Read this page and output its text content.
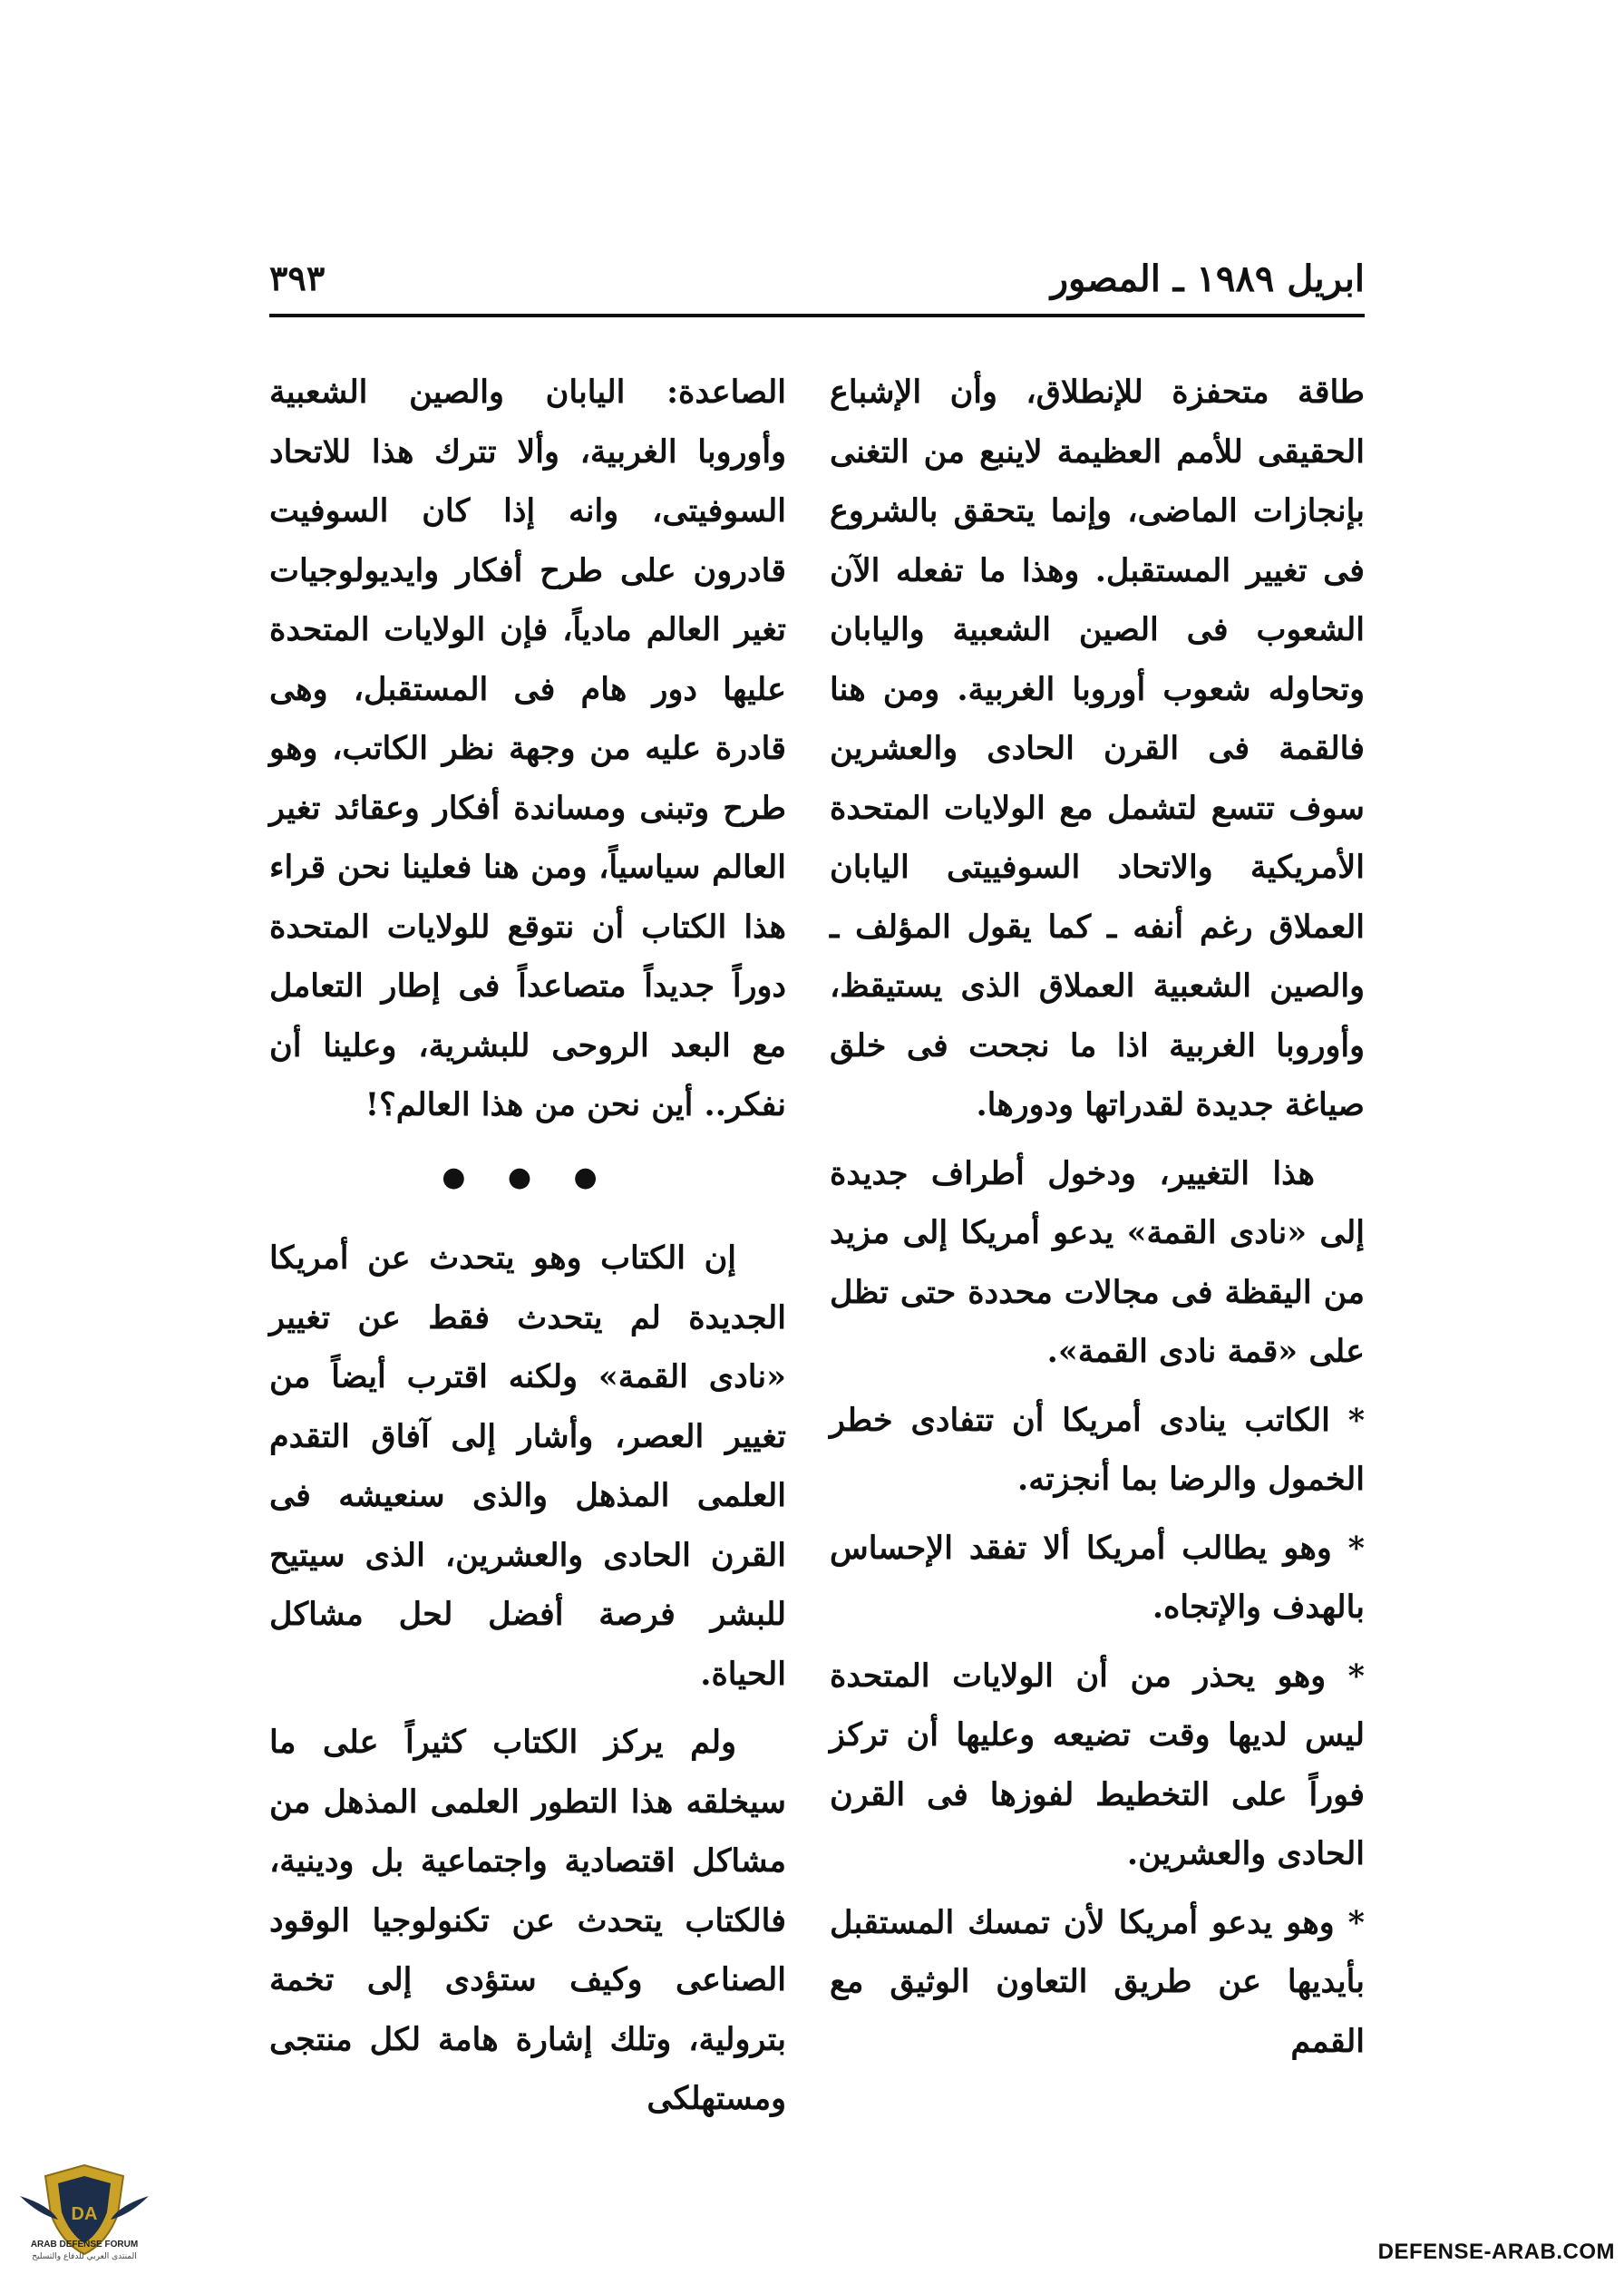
ابريل ١٩٨٩ ـ المصور
٣٩٣

طاقة متحفزة للإنطلاق، وأن الإشباع الحقيقى للأمم العظيمة لاينبع من التغنى بإنجازات الماضى، وإنما يتحقق بالشروع فى تغيير المستقبل. وهذا ما تفعله الآن الشعوب فى الصين الشعبية واليابان وتحاوله شعوب أوروبا الغربية. ومن هنا فالقمة فى القرن الحادى والعشرين سوف تتسع لتشمل مع الولايات المتحدة الأمريكية والاتحاد السوفييتى اليابان العملاق رغم أنفه ـ كما يقول المؤلف ـ والصين الشعبية العملاق الذى يستيقظ، وأوروبا الغربية اذا ما نجحت فى خلق صياغة جديدة لقدراتها ودورها.

هذا التغيير، ودخول أطراف جديدة إلى «نادى القمة» يدعو أمريكا إلى مزيد من اليقظة فى مجالات محددة حتى تظل على «قمة نادى القمة».

* الكاتب ينادى أمريكا أن تتفادى خطر الخمول والرضا بما أنجزته.

* وهو يطالب أمريكا ألا تفقد الإحساس بالهدف والإتجاه.

* وهو يحذر من أن الولايات المتحدة ليس لديها وقت تضيعه وعليها أن تركز فوراً على التخطيط لفوزها فى القرن الحادى والعشرين.

* وهو يدعو أمريكا لأن تمسك المستقبل بأيديها عن طريق التعاون الوثيق مع القمم

الصاعدة: اليابان والصين الشعبية وأوروبا الغربية، وألا تترك هذا للاتحاد السوفيتى، وانه إذا كان السوفيت قادرون على طرح أفكار وايديولوجيات تغير العالم مادياً، فإن الولايات المتحدة عليها دور هام فى المستقبل، وهى قادرة عليه من وجهة نظر الكاتب، وهو طرح وتبنى ومساندة أفكار وعقائد تغير العالم سياسياً، ومن هنا فعلينا نحن قراء هذا الكتاب أن نتوقع للولايات المتحدة دوراً جديداً متصاعداً فى إطار التعامل مع البعد الروحى للبشرية، وعلينا أن نفكر.. أين نحن من هذا العالم؟!

● ● ●

إن الكتاب وهو يتحدث عن أمريكا الجديدة لم يتحدث فقط عن تغيير «نادى القمة» ولكنه اقترب أيضاً من تغيير العصر، وأشار إلى آفاق التقدم العلمى المذهل والذى سنعيشه فى القرن الحادى والعشرين، الذى سيتيح للبشر فرصة أفضل لحل مشاكل الحياة.

ولم يركز الكتاب كثيراً على ما سيخلقه هذا التطور العلمى المذهل من مشاكل اقتصادية واجتماعية بل ودينية، فالكتاب يتحدث عن تكنولوجيا الوقود الصناعى وكيف ستؤدى إلى تخمة بترولية، وتلك إشارة هامة لكل منتجى ومستهلكى

DA
ARAB DEFENSE FORUM
المنتدى العربي للدفاع والتسليح	DEFENSE-ARAB.COM
